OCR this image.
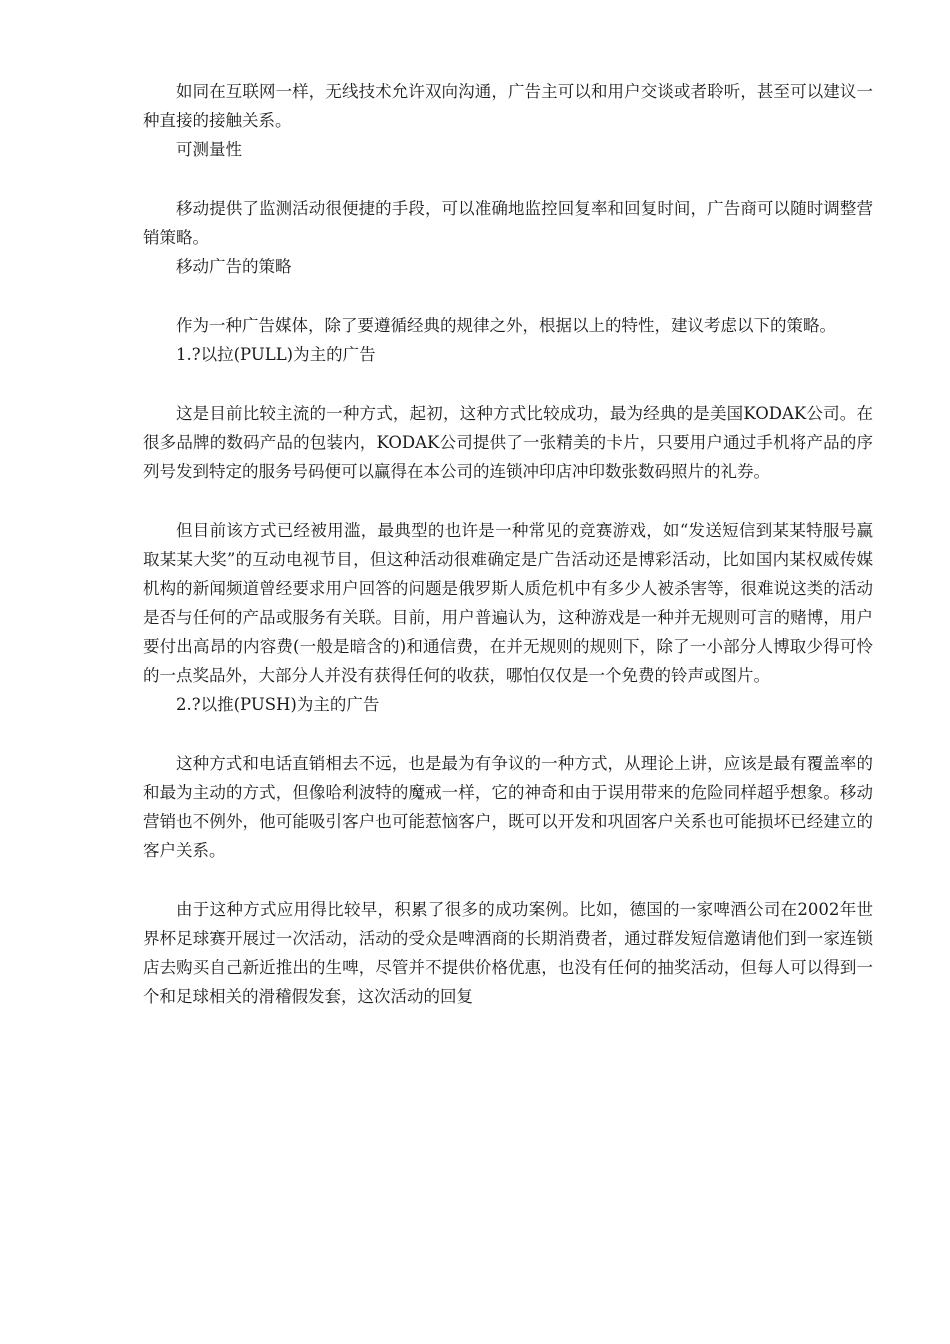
如同在互联网一样，无线技术允许双向沟通，广告主可以和用户交谈或者聆听，甚至可以建议一种直接的接触关系。

可测量性

移动提供了监测活动很便捷的手段，可以准确地监控回复率和回复时间，广告商可以随时调整营销策略。

移动广告的策略

作为一种广告媒体，除了要遵循经典的规律之外，根据以上的特性，建议考虑以下的策略。

1.?以拉(PULL)为主的广告

这是目前比较主流的一种方式，起初，这种方式比较成功，最为经典的是美国KODAK公司。在很多品牌的数码产品的包装内，KODAK公司提供了一张精美的卡片，只要用户通过手机将产品的序列号发到特定的服务号码便可以赢得在本公司的连锁冲印店冲印数张数码照片的礼券。

但目前该方式已经被用滥，最典型的也许是一种常见的竞赛游戏，如“发送短信到某某特服号赢取某某大奖”的互动电视节目，但这种活动很难确定是广告活动还是博彩活动，比如国内某权威传媒机构的新闻频道曾经要求用户回答的问题是俄罗斯人质危机中有多少人被杀害等，很难说这类的活动是否与任何的产品或服务有关联。目前，用户普遍认为，这种游戏是一种并无规则可言的赌博，用户要付出高昂的内容费(一般是暗含的)和通信费，在并无规则的规则下，除了一小部分人博取少得可怜的一点奖品外，大部分人并没有获得任何的收获，哪怕仅仅是一个免费的铃声或图片。

2.?以推(PUSH)为主的广告

这种方式和电话直销相去不远，也是最为有争议的一种方式，从理论上讲，应该是最有覆盖率的和最为主动的方式，但像哈利波特的魔戒一样，它的神奇和由于误用带来的危险同样超乎想象。移动营销也不例外，他可能吸引客户也可能惹恼客户，既可以开发和巩固客户关系也可能损坏已经建立的客户关系。

由于这种方式应用得比较早，积累了很多的成功案例。比如，德国的一家啤酒公司在2002年世界杯足球赛开展过一次活动，活动的受众是啤酒商的长期消费者，通过群发短信邀请他们到一家连锁店去购买自己新近推出的生啤，尽管并不提供价格优惠，也没有任何的抽奖活动，但每人可以得到一个和足球相关的滑稽假发套，这次活动的回复
